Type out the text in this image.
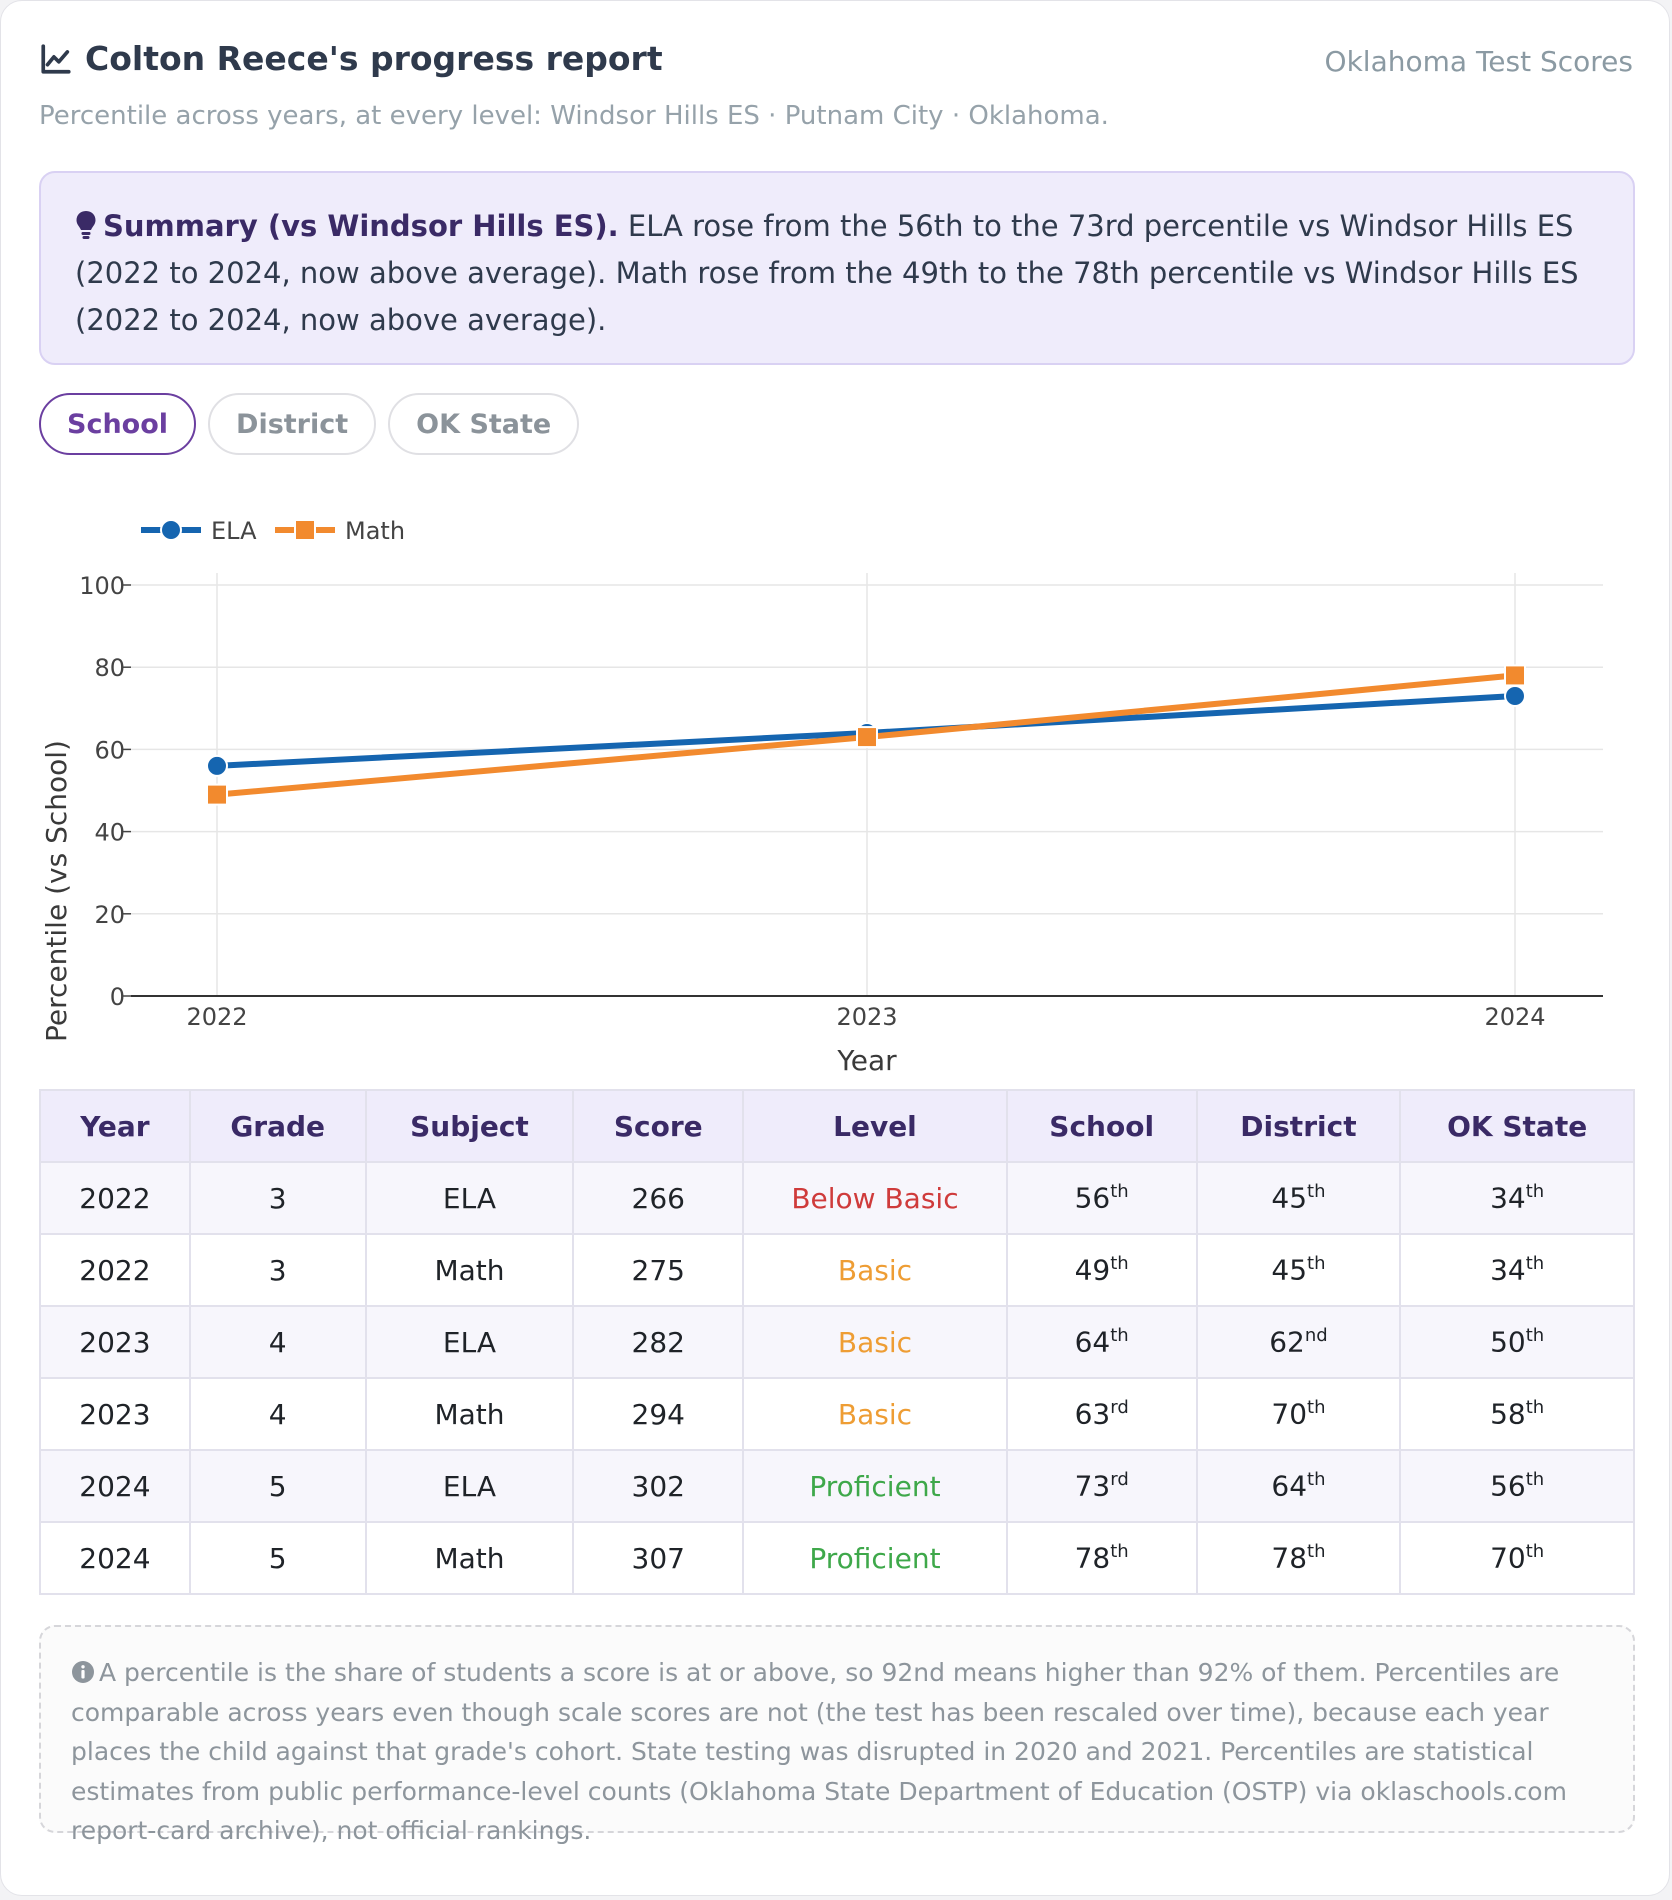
Colton Reece's progress report	Oklahoma Test Scores
Percentile across years, at every level: Windsor Hills ES · Putnam City · Oklahoma.
Summary (vs Windsor Hills ES). ELA rose from the 56th to the 73rd percentile vs Windsor Hills ES (2022 to 2024, now above average). Math rose from the 49th to the 78th percentile vs Windsor Hills ES (2022 to 2024, now above average).
School	District	OK State
0
20
40
60
80
100
2022	2023	2024
Year
Percentile (vs School)
ELA	Math
Year	Grade	Subject	Score	Level	School	District	OK State
2022	3	ELA	266	Below Basic	56th	45th	34th
2022	3	Math	275	Basic	49th	45th	34th
2023	4	ELA	282	Basic	64th	62nd	50th
2023	4	Math	294	Basic	63rd	70th	58th
2024	5	ELA	302	Proficient	73rd	64th	56th
2024	5	Math	307	Proficient	78th	78th	70th
A percentile is the share of students a score is at or above, so 92nd means higher than 92% of them. Percentiles are comparable across years even though scale scores are not (the test has been rescaled over time), because each year places the child against that grade's cohort. State testing was disrupted in 2020 and 2021. Percentiles are statistical estimates from public performance-level counts (Oklahoma State Department of Education (OSTP) via oklaschools.com report-card archive), not official rankings.
